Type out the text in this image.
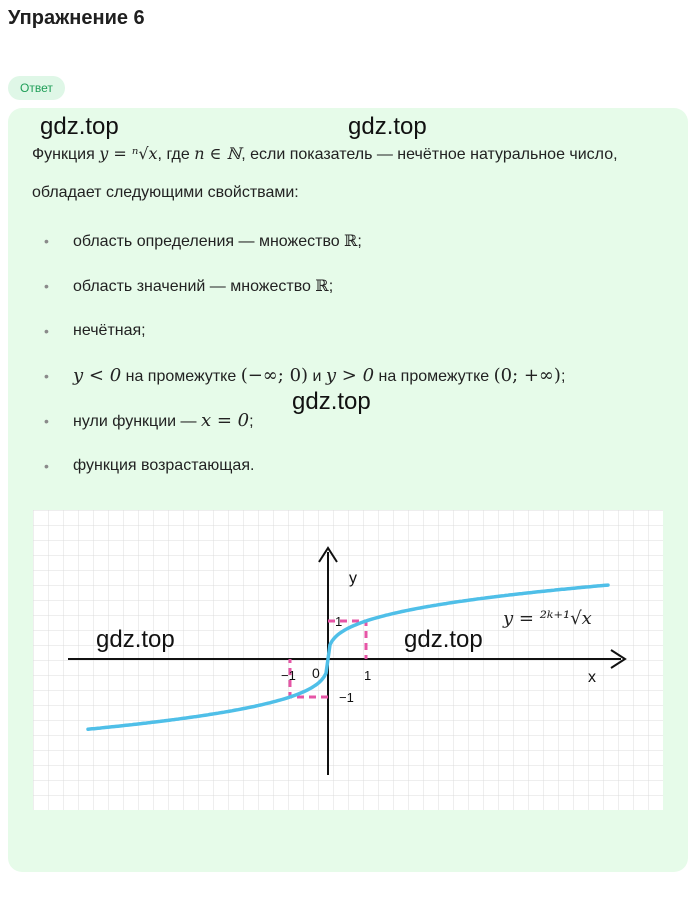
Упражнение 6
Ответ
gdz.top	gdz.top
Функция y = ⁿ√x, где n ∈ ℕ, если показатель — нечётное натуральное число, обладает следующими свойствами:
• область определения — множество ℝ;
• область значений — множество ℝ;
• нечётная;
• y < 0 на промежутке (−∞; 0) и y > 0 на промежутке (0; +∞);
• нули функции — x = 0;
• функция возрастающая.
gdz.top
y
x
y = ²ᵏ⁺¹√x
0
−1	1
1
−1
gdz.top	gdz.top
